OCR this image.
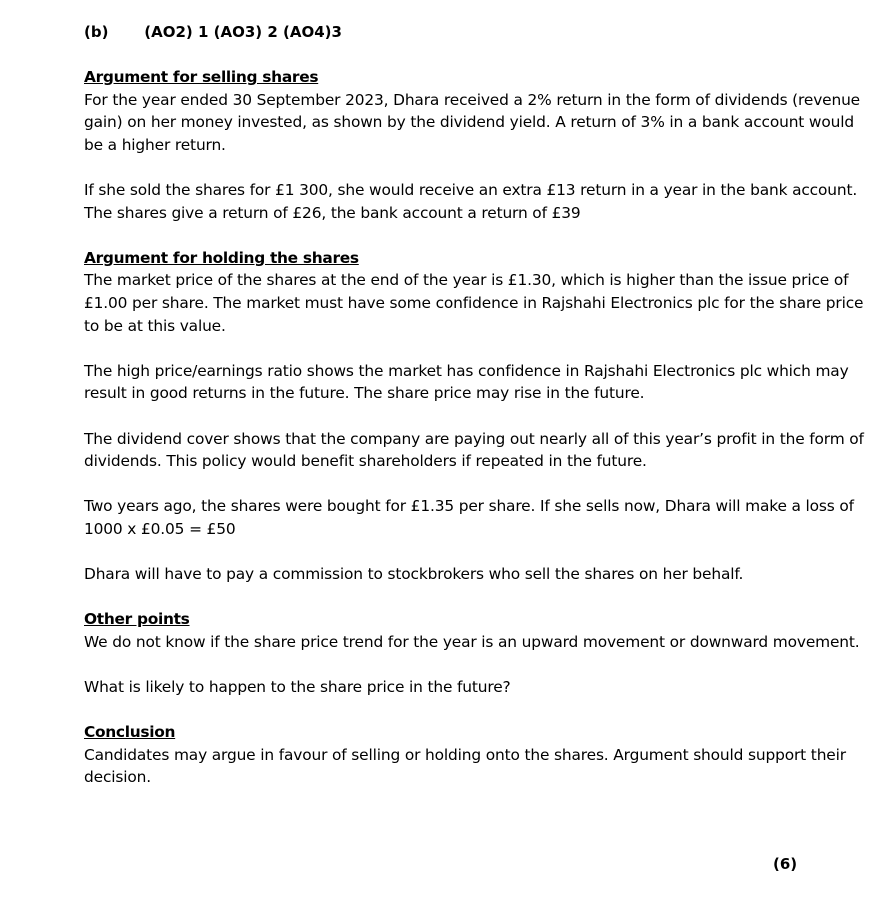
(b) (AO2) 1 (AO3) 2 (AO4)3

Argument for selling shares

For the year ended 30 September 2023, Dhara received a 2% return in the form of dividends (revenue gain) on her money invested, as shown by the dividend yield. A return of 3% in a bank account would be a higher return.

If she sold the shares for £1 300, she would receive an extra £13 return in a year in the bank account. The shares give a return of £26, the bank account a return of £39

Argument for holding the shares

The market price of the shares at the end of the year is £1.30, which is higher than the issue price of £1.00 per share. The market must have some confidence in Rajshahi Electronics plc for the share price to be at this value.

The high price/earnings ratio shows the market has confidence in Rajshahi Electronics plc which may result in good returns in the future. The share price may rise in the future.

The dividend cover shows that the company are paying out nearly all of this year’s profit in the form of dividends. This policy would benefit shareholders if repeated in the future.

Two years ago, the shares were bought for £1.35 per share. If she sells now, Dhara will make a loss of 1000 x £0.05 = £50

Dhara will have to pay a commission to stockbrokers who sell the shares on her behalf.

Other points

We do not know if the share price trend for the year is an upward movement or downward movement.

What is likely to happen to the share price in the future?

Conclusion

Candidates may argue in favour of selling or holding onto the shares. Argument should support their decision.

(6)
